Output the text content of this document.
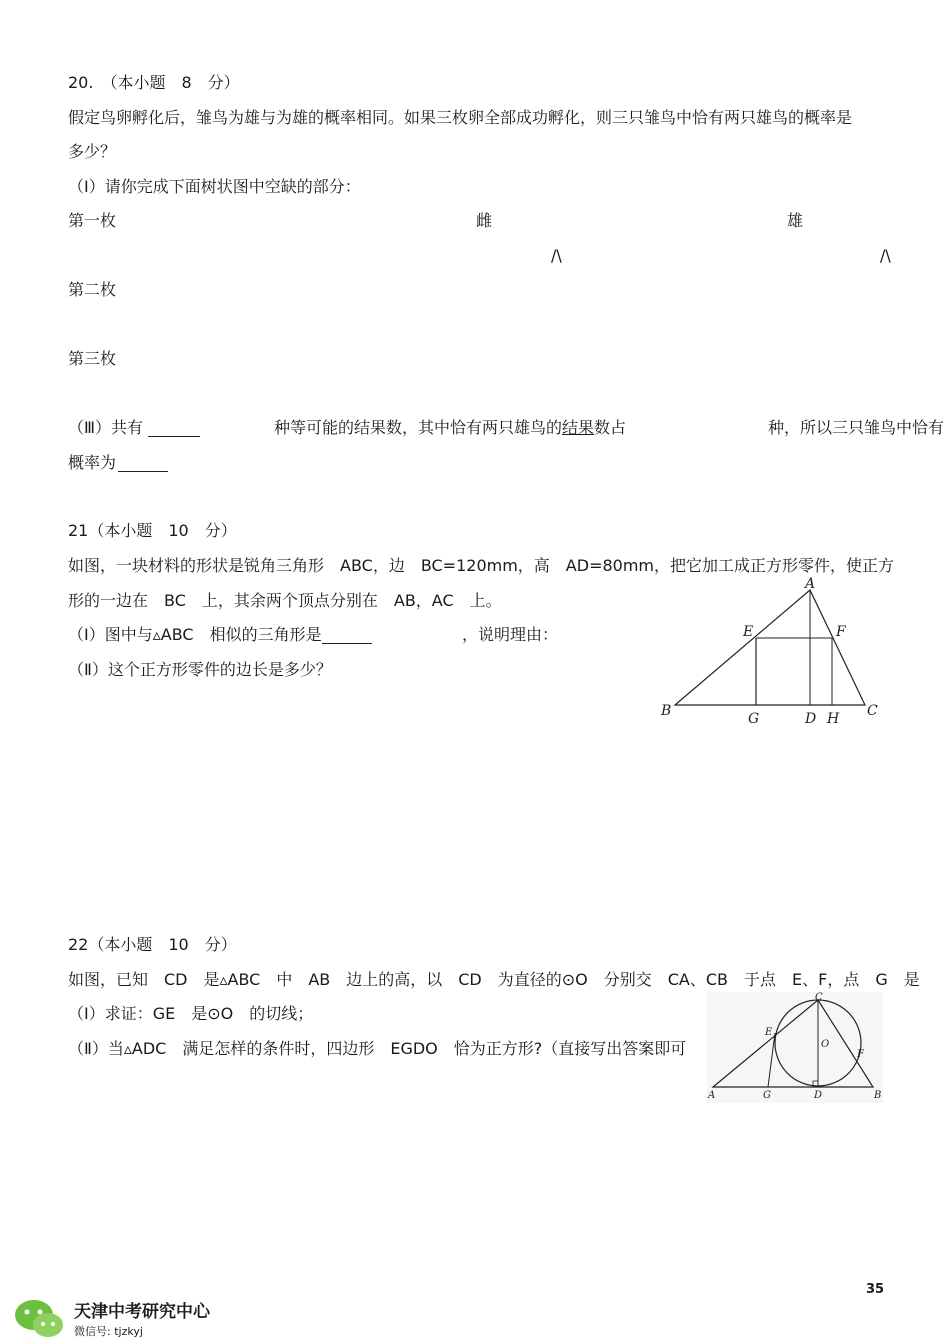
20.　（本小题　8　分）
假定鸟卵孵化后，雏鸟为雄与为雄的概率相同。如果三枚卵全部成功孵化，则三只雏鸟中恰有两只雄鸟的概率是
多少？
（Ⅰ）请你完成下面树状图中空缺的部分：
第一枚	雌	雄
/\	/\
第二枚
第三枚
（Ⅲ）共有	种等可能的结果数，其中恰有两只雄鸟的结果数占	种，所以三只雏鸟中恰有
概率为
21（本小题　10　分）
如图，一块材料的形状是锐角三角形　ABC，边　BC=120mm，高　AD=80mm，把它加工成正方形零件，使正方
形的一边在　BC　上，其余两个顶点分别在　AB，AC　上。
（Ⅰ）图中与▵ABC　相似的三角形是	，说明理由：
（Ⅱ）这个正方形零件的边长是多少？
A
B	C
D
E	F
G	H
22（本小题　10　分）
如图，已知　CD　是▵ABC　中　AB　边上的高，以　CD　为直径的⊙O　分别交　CA、CB　于点　E、F，点　G　是
（Ⅰ）求证：GE　是⊙O　的切线；
（Ⅱ）当▵ADC　满足怎样的条件时，四边形　EGDO　恰为正方形?（直接写出答案即可
C
A	B
D
E
F
G
O
35
天津中考研究中心
微信号: tjzkyj
